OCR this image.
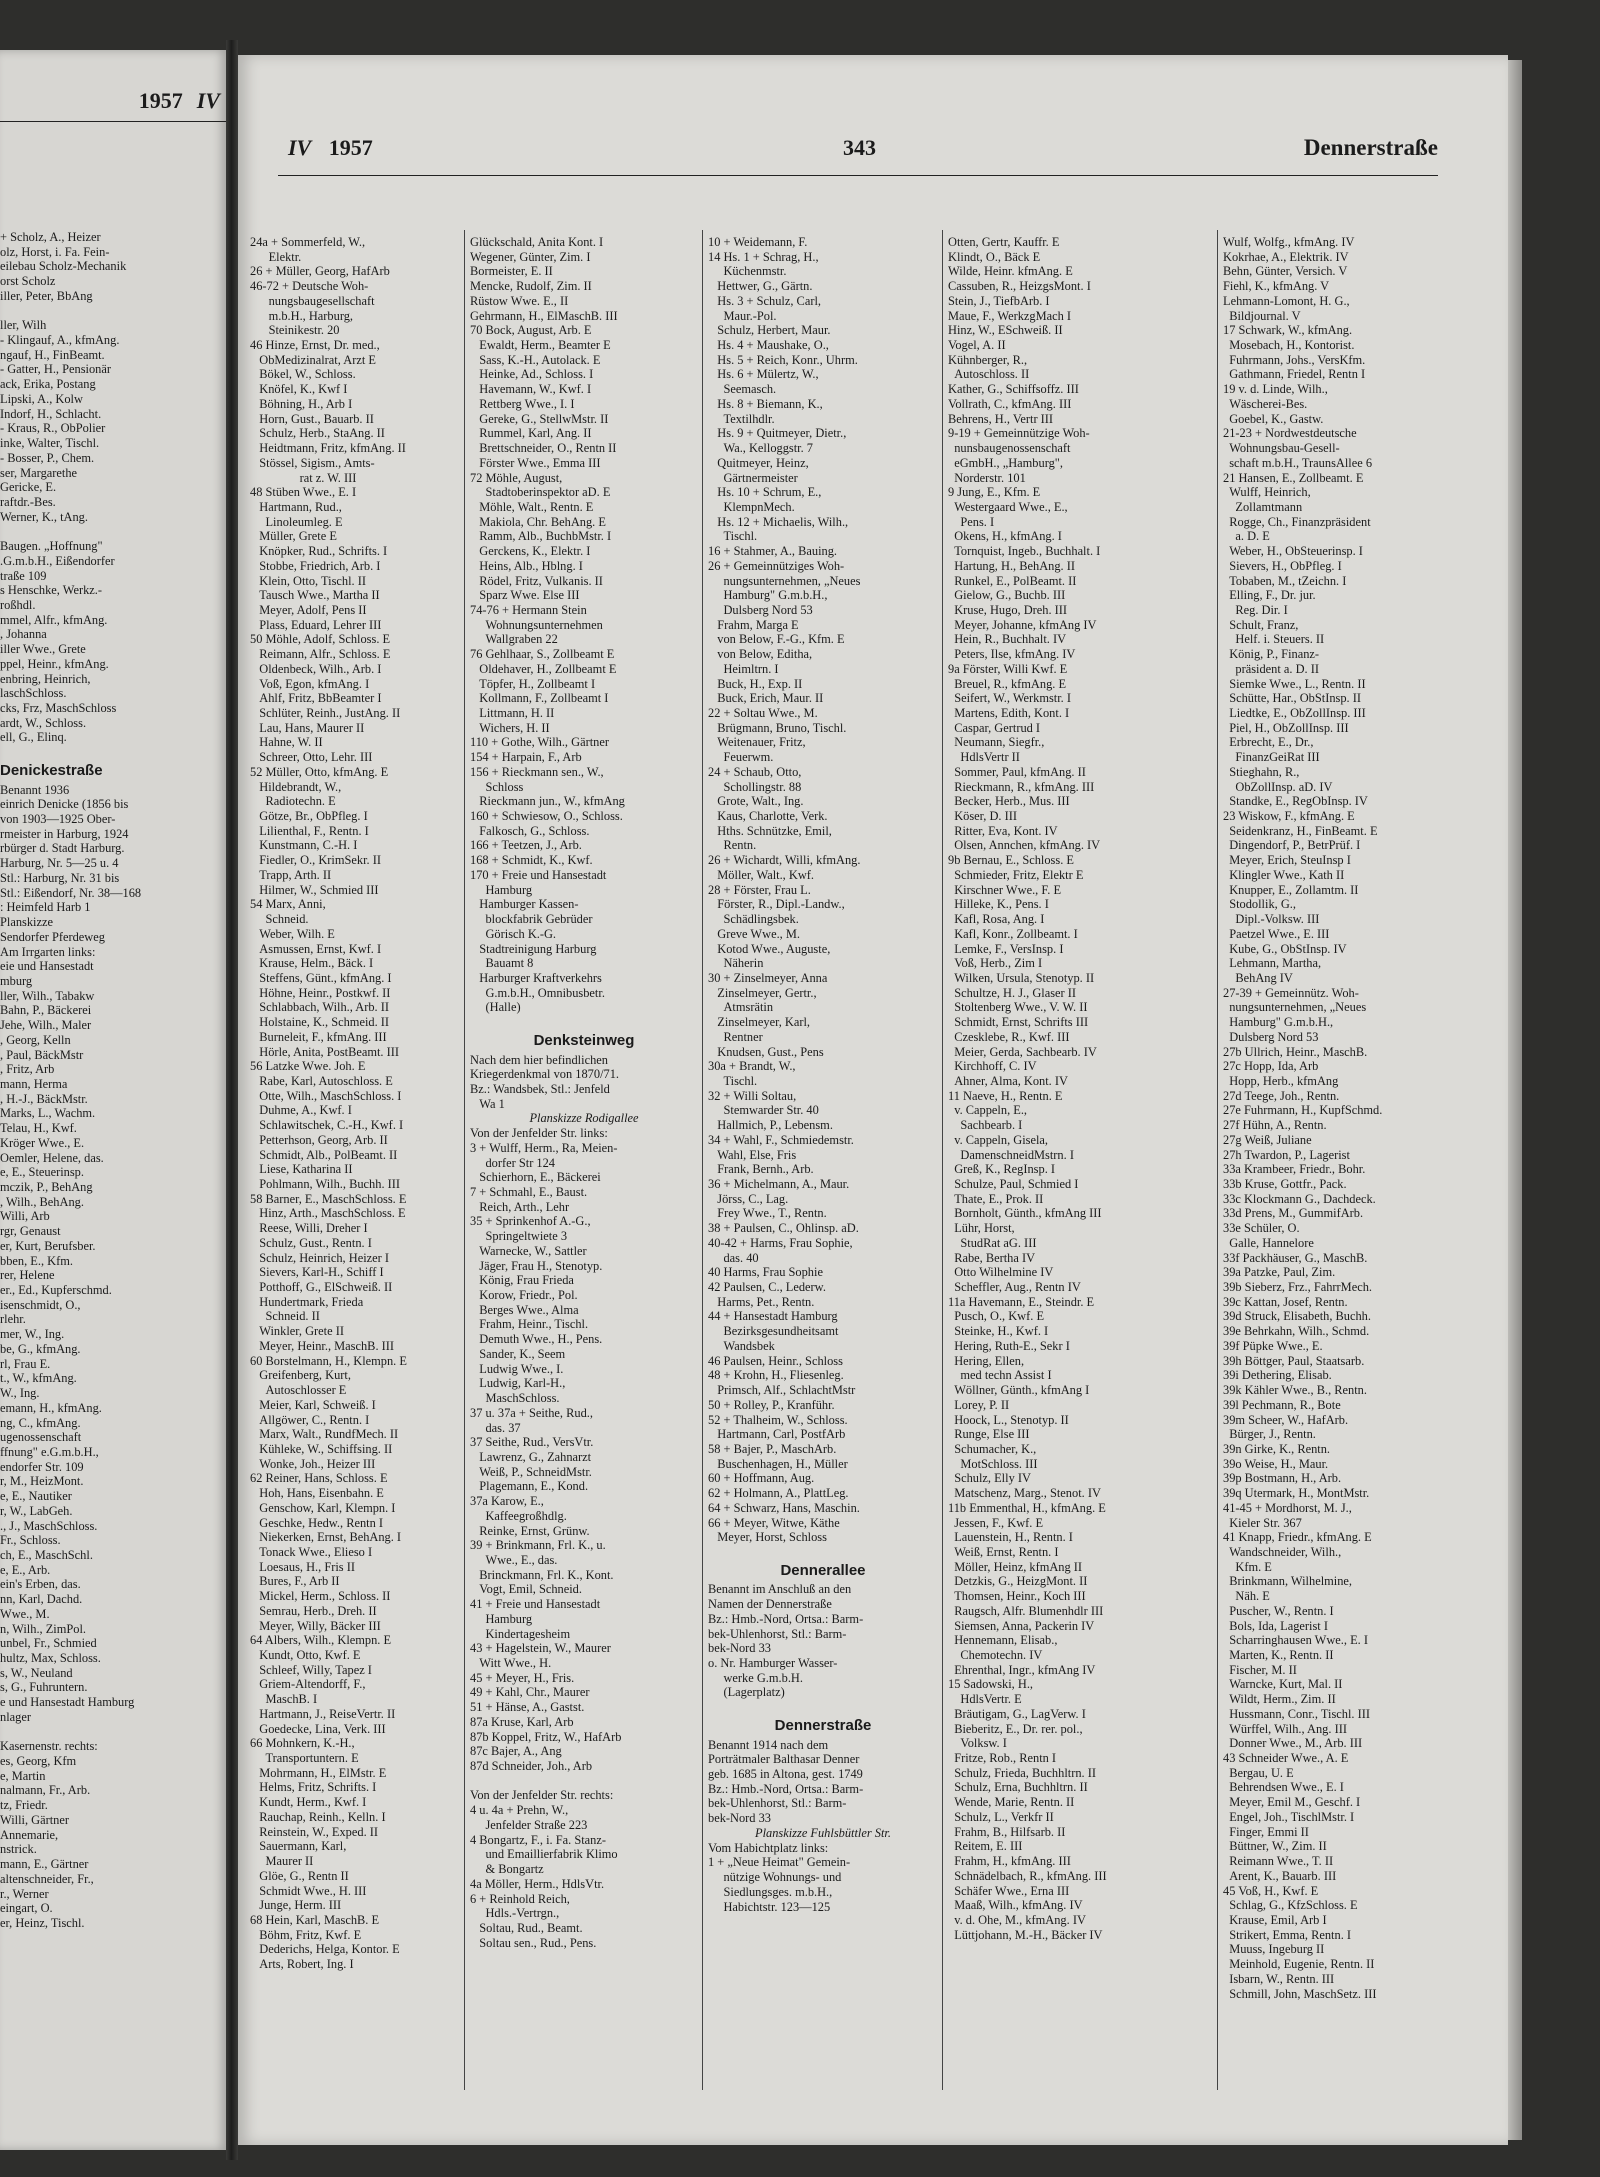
+ Scholz, A., Heizer
olz, Horst, i. Fa. Fein-
eilebau Scholz-Mechanik
orst Scholz
iller, Peter, BbAng

ller, Wilh
- Klingauf, A., kfmAng.
ngauf, H., FinBeamt.
- Gatter, H., Pensionär
ack, Erika, Postang
Lipski, A., Kolw
Indorf, H., Schlacht.
- Kraus, R., ObPolier
inke, Walter, Tischl.
- Bosser, P., Chem.
ser, Margarethe
Gericke, E.
raftdr.-Bes.
Werner, K., tAng.

Baugen. „Hoffnung"
.G.m.b.H., Eißendorfer
traße 109
s Henschke, Werkz.-
roßhdl.
mmel, Alfr., kfmAng.
, Johanna
iller Wwe., Grete
ppel, Heinr., kfmAng.
enbring, Heinrich,
laschSchloss.
cks, Frz, MaschSchloss
ardt, W., Schloss.
ell, G., Elinq.

Denickestraße
Benannt 1936
einrich Denicke (1856 bis
von 1903—1925 Ober-
rmeister in Harburg, 1924
rbürger d. Stadt Harburg.
Harburg, Nr. 5—25 u. 4
Stl.: Harburg, Nr. 31 bis
Stl.: Eißendorf, Nr. 38—168
: Heimfeld Harb 1
Planskizze
Sendorfer Pferdeweg
Am Irrgarten links:
eie und Hansestadt
mburg
ller, Wilh., Tabakw
Bahn, P., Bäckerei
Jehe, Wilh., Maler
, Georg, Kelln
, Paul, BäckMstr
, Fritz, Arb
mann, Herma
, H.-J., BäckMstr.
Marks, L., Wachm.
Telau, H., Kwf.
Kröger Wwe., E.
Oemler, Helene, das.
e, E., Steuerinsp.
mczik, P., BehAng
, Wilh., BehAng.
Willi, Arb
rgr, Genaust
er, Kurt, Berufsber.
bben, E., Kfm.
rer, Helene
er., Ed., Kupferschmd.
isenschmidt, O.,
rlehr.
mer, W., Ing.
be, G., kfmAng.
rl, Frau E.
t., W., kfmAng.
W., Ing.
emann, H., kfmAng.
ng, C., kfmAng.
ugenossenschaft
ffnung" e.G.m.b.H.,
endorfer Str. 109
r, M., HeizMont.
e, E., Nautiker
r, W., LabGeh.
., J., MaschSchloss.
Fr., Schloss.
ch, E., MaschSchl.
e, E., Arb.
ein's Erben, das.
nn, Karl, Dachd.
Wwe., M.
n, Wilh., ZimPol.
unbel, Fr., Schmied
hultz, Max, Schloss.
s, W., Neuland
s, G., Fuhruntern.
e und Hansestadt Hamburg
nlager

Kasernenstr. rechts:
es, Georg, Kfm
e, Martin
nalmann, Fr., Arb.
tz, Friedr.
Willi, Gärtner
Annemarie,
nstrick.
mann, E., Gärtner
altenschneider, Fr.,
r., Werner
eingart, O.
er, Heinz, Tischl.
1957 IV
IV 1957	343	Dennerstraße
24a + Sommerfeld, W.,
Elektr.
26 + Müller, Georg, HafArb
46-72 + Deutsche Woh-
nungsbaugesellschaft
m.b.H., Harburg,
Steinikestr. 20
46 Hinze, Ernst, Dr. med.,
ObMedizinalrat, Arzt E
Bökel, W., Schloss.
Knöfel, K., Kwf I
Böhning, H., Arb I
Horn, Gust., Bauarb. II
Schulz, Herb., StaAng. II
Heidtmann, Fritz, kfmAng. II
Stössel, Sigism., Amts-
rat z. W. III
48 Stüben Wwe., E. I
Hartmann, Rud.,
Linoleumleg. E
Müller, Grete E
Knöpker, Rud., Schrifts. I
Stobbe, Friedrich, Arb. I
Klein, Otto, Tischl. II
Tausch Wwe., Martha II
Meyer, Adolf, Pens II
Plass, Eduard, Lehrer III
50 Möhle, Adolf, Schloss. E
Reimann, Alfr., Schloss. E
Oldenbeck, Wilh., Arb. I
Voß, Egon, kfmAng. I
Ahlf, Fritz, BbBeamter I
Schlüter, Reinh., JustAng. II
Lau, Hans, Maurer II
Hahne, W. II
Schreer, Otto, Lehr. III
52 Müller, Otto, kfmAng. E
Hildebrandt, W.,
Radiotechn. E
Götze, Br., ObPfleg. I
Lilienthal, F., Rentn. I
Kunstmann, C.-H. I
Fiedler, O., KrimSekr. II
Trapp, Arth. II
Hilmer, W., Schmied III
54 Marx, Anni,
Schneid.
Weber, Wilh. E
Asmussen, Ernst, Kwf. I
Krause, Helm., Bäck. I
Steffens, Günt., kfmAng. I
Höhne, Heinr., Postkwf. II
Schlabbach, Wilh., Arb. II
Holstaine, K., Schmeid. II
Burneleit, F., kfmAng. III
Hörle, Anita, PostBeamt. III
56 Latzke Wwe. Joh. E
Rabe, Karl, Autoschloss. E
Otte, Wilh., MaschSchloss. I
Duhme, A., Kwf. I
Schlawitschek, C.-H., Kwf. I
Petterhson, Georg, Arb. II
Schmidt, Alb., PolBeamt. II
Liese, Katharina II
Pohlmann, Wilh., Buchh. III
58 Barner, E., MaschSchloss. E
Hinz, Arth., MaschSchloss. E
Reese, Willi, Dreher I
Schulz, Gust., Rentn. I
Schulz, Heinrich, Heizer I
Sievers, Karl-H., Schiff I
Potthoff, G., ElSchweiß. II
Hundertmark, Frieda
Schneid. II
Winkler, Grete II
Meyer, Heinr., MaschB. III
60 Borstelmann, H., Klempn. E
Greifenberg, Kurt,
Autoschlosser E
Meier, Karl, Schweiß. I
Allgöwer, C., Rentn. I
Marx, Walt., RundfMech. II
Kühleke, W., Schiffsing. II
Wonke, Joh., Heizer III
62 Reiner, Hans, Schloss. E
Hoh, Hans, Eisenbahn. E
Genschow, Karl, Klempn. I
Geschke, Hedw., Rentn I
Niekerken, Ernst, BehAng. I
Tonack Wwe., Elieso I
Loesaus, H., Fris II
Bures, F., Arb II
Mickel, Herm., Schloss. II
Semrau, Herb., Dreh. II
Meyer, Willy, Bäcker III
64 Albers, Wilh., Klempn. E
Kundt, Otto, Kwf. E
Schleef, Willy, Tapez I
Griem-Altendorff, F.,
MaschB. I
Hartmann, J., ReiseVertr. II
Goedecke, Lina, Verk. III
66 Mohnkern, K.-H.,
Transportuntern. E
Mohrmann, H., ElMstr. E
Helms, Fritz, Schrifts. I
Kundt, Herm., Kwf. I
Rauchap, Reinh., Kelln. I
Reinstein, W., Exped. II
Sauermann, Karl,
Maurer II
Glöe, G., Rentn II
Schmidt Wwe., H. III
Junge, Herm. III
68 Hein, Karl, MaschB. E
Böhm, Fritz, Kwf. E
Dederichs, Helga, Kontor. E
Arts, Robert, Ing. I
Glückschald, Anita Kont. I
Wegener, Günter, Zim. I
Bormeister, E. II
Mencke, Rudolf, Zim. II
Rüstow Wwe. E., II
Gehrmann, H., ElMaschB. III
70 Bock, August, Arb. E
Ewaldt, Herm., Beamter E
Sass, K.-H., Autolack. E
Heinke, Ad., Schloss. I
Havemann, W., Kwf. I
Rettberg Wwe., I. I
Gereke, G., StellwMstr. II
Rummel, Karl, Ang. II
Brettschneider, O., Rentn II
Förster Wwe., Emma III
72 Möhle, August,
Stadtoberinspektor aD. E
Möhle, Walt., Rentn. E
Makiola, Chr. BehAng. E
Ramm, Alb., BuchbMstr. I
Gerckens, K., Elektr. I
Heins, Alb., Hblng. I
Rödel, Fritz, Vulkanis. II
Sparz Wwe. Else III
74-76 + Hermann Stein
Wohnungsunternehmen
Wallgraben 22
76 Gehlhaar, S., Zollbeamt E
Oldehaver, H., Zollbeamt E
Töpfer, H., Zollbeamt I
Kollmann, F., Zollbeamt I
Littmann, H. II
Wichers, H. II
110 + Gothe, Wilh., Gärtner
154 + Harpain, F., Arb
156 + Rieckmann sen., W.,
Schloss
Rieckmann jun., W., kfmAng
160 + Schwiesow, O., Schloss.
Falkosch, G., Schloss.
166 + Teetzen, J., Arb.
168 + Schmidt, K., Kwf.
170 + Freie und Hansestadt
Hamburg
Hamburger Kassen-
blockfabrik Gebrüder
Görisch K.-G.
Stadtreinigung Harburg
Bauamt 8
Harburger Kraftverkehrs
G.m.b.H., Omnibusbetr.
(Halle)

Denksteinweg
Nach dem hier befindlichen
Kriegerdenkmal von 1870/71.
Bz.: Wandsbek, Stl.: Jenfeld
Wa 1
Planskizze Rodigallee
Von der Jenfelder Str. links:
3 + Wulff, Herm., Ra, Meien-
dorfer Str 124
Schierhorn, E., Bäckerei
7 + Schmahl, E., Baust.
Reich, Arth., Lehr
35 + Sprinkenhof A.-G.,
Springeltwiete 3
Warnecke, W., Sattler
Jäger, Frau H., Stenotyp.
König, Frau Frieda
Korow, Friedr., Pol.
Berges Wwe., Alma
Frahm, Heinr., Tischl.
Demuth Wwe., H., Pens.
Sander, K., Seem
Ludwig Wwe., I.
Ludwig, Karl-H.,
MaschSchloss.
37 u. 37a + Seithe, Rud.,
das. 37
37 Seithe, Rud., VersVtr.
Lawrenz, G., Zahnarzt
Weiß, P., SchneidMstr.
Plagemann, E., Kond.
37a Karow, E.,
Kaffeegroßhdlg.
Reinke, Ernst, Grünw.
39 + Brinkmann, Frl. K., u.
Wwe., E., das.
Brinckmann, Frl. K., Kont.
Vogt, Emil, Schneid.
41 + Freie und Hansestadt
Hamburg
Kindertagesheim
43 + Hagelstein, W., Maurer
Witt Wwe., H.
45 + Meyer, H., Fris.
49 + Kahl, Chr., Maurer
51 + Hänse, A., Gastst.
87a Kruse, Karl, Arb
87b Koppel, Fritz, W., HafArb
87c Bajer, A., Ang
87d Schneider, Joh., Arb

Von der Jenfelder Str. rechts:
4 u. 4a + Prehn, W.,
Jenfelder Straße 223
4 Bongartz, F., i. Fa. Stanz-
und Emaillierfabrik Klimo
& Bongartz
4a Möller, Herm., HdlsVtr.
6 + Reinhold Reich,
Hdls.-Vertrgn.,
Soltau, Rud., Beamt.
Soltau sen., Rud., Pens.
10 + Weidemann, F.
14 Hs. 1 + Schrag, H.,
Küchenmstr.
Hettwer, G., Gärtn.
Hs. 3 + Schulz, Carl,
Maur.-Pol.
Schulz, Herbert, Maur.
Hs. 4 + Maushake, O.,
Hs. 5 + Reich, Konr., Uhrm.
Hs. 6 + Mülertz, W.,
Seemasch.
Hs. 8 + Biemann, K.,
Textilhdlr.
Hs. 9 + Quitmeyer, Dietr.,
Wa., Kelloggstr. 7
Quitmeyer, Heinz,
Gärtnermeister
Hs. 10 + Schrum, E.,
KlempnMech.
Hs. 12 + Michaelis, Wilh.,
Tischl.
16 + Stahmer, A., Bauing.
26 + Gemeinnütziges Woh-
nungsunternehmen, „Neues
Hamburg" G.m.b.H.,
Dulsberg Nord 53
Frahm, Marga E
von Below, F.-G., Kfm. E
von Below, Editha,
Heimltrn. I
Buck, H., Exp. II
Buck, Erich, Maur. II
22 + Soltau Wwe., M.
Brügmann, Bruno, Tischl.
Weitenauer, Fritz,
Feuerwm.
24 + Schaub, Otto,
Schollingstr. 88
Grote, Walt., Ing.
Kaus, Charlotte, Verk.
Hths. Schnützke, Emil,
Rentn.
26 + Wichardt, Willi, kfmAng.
Möller, Walt., Kwf.
28 + Förster, Frau L.
Förster, R., Dipl.-Landw.,
Schädlingsbek.
Greve Wwe., M.
Kotod Wwe., Auguste,
Näherin
30 + Zinselmeyer, Anna
Zinselmeyer, Gertr.,
Atmsrätin
Zinselmeyer, Karl,
Rentner
Knudsen, Gust., Pens
30a + Brandt, W.,
Tischl.
32 + Willi Soltau,
Stemwarder Str. 40
Hallmich, P., Lebensm.
34 + Wahl, F., Schmiedemstr.
Wahl, Else, Fris
Frank, Bernh., Arb.
36 + Michelmann, A., Maur.
Jörss, C., Lag.
Frey Wwe., T., Rentn.
38 + Paulsen, C., Ohlinsp. aD.
40-42 + Harms, Frau Sophie,
das. 40
40 Harms, Frau Sophie
42 Paulsen, C., Lederw.
Harms, Pet., Rentn.
44 + Hansestadt Hamburg
Bezirksgesundheitsamt
Wandsbek
46 Paulsen, Heinr., Schloss
48 + Krohn, H., Fliesenleg.
Primsch, Alf., SchlachtMstr
50 + Rolley, P., Kranführ.
52 + Thalheim, W., Schloss.
Hartmann, Carl, PostfArb
58 + Bajer, P., MaschArb.
Buschenhagen, H., Müller
60 + Hoffmann, Aug.
62 + Holmann, A., PlattLeg.
64 + Schwarz, Hans, Maschin.
66 + Meyer, Witwe, Käthe
Meyer, Horst, Schloss

Dennerallee
Benannt im Anschluß an den
Namen der Dennerstraße
Bz.: Hmb.-Nord, Ortsa.: Barm-
bek-Uhlenhorst, Stl.: Barm-
bek-Nord 33
o. Nr. Hamburger Wasser-
werke G.m.b.H.
(Lagerplatz)

Dennerstraße
Benannt 1914 nach dem
Porträtmaler Balthasar Denner
geb. 1685 in Altona, gest. 1749
Bz.: Hmb.-Nord, Ortsa.: Barm-
bek-Uhlenhorst, Stl.: Barm-
bek-Nord 33
Planskizze Fuhlsbüttler Str.
Vom Habichtplatz links:
1 + „Neue Heimat" Gemein-
nützige Wohnungs- und
Siedlungsges. m.b.H.,
Habichtstr. 123—125
Otten, Gertr, Kauffr. E
Klindt, O., Bäck E
Wilde, Heinr. kfmAng. E
Cassuben, R., HeizgsMont. I
Stein, J., TiefbArb. I
Maue, F., WerkzgMach I
Hinz, W., ESchweiß. II
Vogel, A. II
Kühnberger, R.,
Autoschloss. II
Kather, G., Schiffsoffz. III
Vollrath, C., kfmAng. III
Behrens, H., Vertr III
9-19 + Gemeinnützige Woh-
nunsbaugenossenschaft
eGmbH., „Hamburg",
Norderstr. 101
9 Jung, E., Kfm. E
Westergaard Wwe., E.,
Pens. I
Okens, H., kfmAng. I
Tornquist, Ingeb., Buchhalt. I
Hartung, H., BehAng. II
Runkel, E., PolBeamt. II
Gielow, G., Buchb. III
Kruse, Hugo, Dreh. III
Meyer, Johanne, kfmAng IV
Hein, R., Buchhalt. IV
Peters, Ilse, kfmAng. IV
9a Förster, Willi Kwf. E
Breuel, R., kfmAng. E
Seifert, W., Werkmstr. I
Martens, Edith, Kont. I
Caspar, Gertrud I
Neumann, Siegfr.,
HdlsVertr II
Sommer, Paul, kfmAng. II
Rieckmann, R., kfmAng. III
Becker, Herb., Mus. III
Köser, D. III
Ritter, Eva, Kont. IV
Olsen, Annchen, kfmAng. IV
9b Bernau, E., Schloss. E
Schmieder, Fritz, Elektr E
Kirschner Wwe., F. E
Hilleke, K., Pens. I
Kafl, Rosa, Ang. I
Kafl, Konr., Zollbeamt. I
Lemke, F., VersInsp. I
Voß, Herb., Zim I
Wilken, Ursula, Stenotyp. II
Schultze, H. J., Glaser II
Stoltenberg Wwe., V. W. II
Schmidt, Ernst, Schrifts III
Czesklebe, R., Kwf. III
Meier, Gerda, Sachbearb. IV
Kirchhoff, C. IV
Ahner, Alma, Kont. IV
11 Naeve, H., Rentn. E
v. Cappeln, E.,
Sachbearb. I
v. Cappeln, Gisela,
DamenschneidMstrn. I
Greß, K., RegInsp. I
Schulze, Paul, Schmied I
Thate, E., Prok. II
Bornholt, Günth., kfmAng III
Lühr, Horst,
StudRat aG. III
Rabe, Bertha IV
Otto Wilhelmine IV
Scheffler, Aug., Rentn IV
11a Havemann, E., Steindr. E
Pusch, O., Kwf. E
Steinke, H., Kwf. I
Hering, Ruth-E., Sekr I
Hering, Ellen,
med techn Assist I
Wöllner, Günth., kfmAng I
Lorey, P. II
Hoock, L., Stenotyp. II
Runge, Else III
Schumacher, K.,
MotSchloss. III
Schulz, Elly IV
Matschenz, Marg., Stenot. IV
11b Emmenthal, H., kfmAng. E
Jessen, F., Kwf. E
Lauenstein, H., Rentn. I
Weiß, Ernst, Rentn. I
Möller, Heinz, kfmAng II
Detzkis, G., HeizgMont. II
Thomsen, Heinr., Koch III
Raugsch, Alfr. Blumenhdlr III
Siemsen, Anna, Packerin IV
Hennemann, Elisab.,
Chemotechn. IV
Ehrenthal, Ingr., kfmAng IV
15 Sadowski, H.,
HdlsVertr. E
Bräutigam, G., LagVerw. I
Bieberitz, E., Dr. rer. pol.,
Volksw. I
Fritze, Rob., Rentn I
Schulz, Frieda, Buchhltrn. II
Schulz, Erna, Buchhltrn. II
Wende, Marie, Rentn. II
Schulz, L., Verkfr II
Frahm, B., Hilfsarb. II
Reitem, E. III
Frahm, H., kfmAng. III
Schnädelbach, R., kfmAng. III
Schäfer Wwe., Erna III
Maaß, Wilh., kfmAng. IV
v. d. Ohe, M., kfmAng. IV
Lüttjohann, M.-H., Bäcker IV
Wulf, Wolfg., kfmAng. IV
Kokrhae, A., Elektrik. IV
Behn, Günter, Versich. V
Fiehl, K., kfmAng. V
Lehmann-Lomont, H. G.,
Bildjournal. V
17 Schwark, W., kfmAng.
Mosebach, H., Kontorist.
Fuhrmann, Johs., VersKfm.
Gathmann, Friedel, Rentn I
19 v. d. Linde, Wilh.,
Wäscherei-Bes.
Goebel, K., Gastw.
21-23 + Nordwestdeutsche
Wohnungsbau-Gesell-
schaft m.b.H., TraunsAllee 6
21 Hansen, E., Zollbeamt. E
Wulff, Heinrich,
Zollamtmann
Rogge, Ch., Finanzpräsident
a. D. E
Weber, H., ObSteuerinsp. I
Sievers, H., ObPfleg. I
Tobaben, M., tZeichn. I
Elling, F., Dr. jur.
Reg. Dir. I
Schult, Franz,
Helf. i. Steuers. II
König, P., Finanz-
präsident a. D. II
Siemke Wwe., L., Rentn. II
Schütte, Har., ObStInsp. II
Liedtke, E., ObZollInsp. III
Piel, H., ObZollInsp. III
Erbrecht, E., Dr.,
FinanzGeiRat III
Stieghahn, R.,
ObZollInsp. aD. IV
Standke, E., RegObInsp. IV
23 Wiskow, F., kfmAng. E
Seidenkranz, H., FinBeamt. E
Dingendorf, P., BetrPrüf. I
Meyer, Erich, SteuInsp I
Klingler Wwe., Kath II
Knupper, E., Zollamtm. II
Stodollik, G.,
Dipl.-Volksw. III
Paetzel Wwe., E. III
Kube, G., ObStInsp. IV
Lehmann, Martha,
BehAng IV
27-39 + Gemeinnütz. Woh-
nungsunternehmen, „Neues
Hamburg" G.m.b.H.,
Dulsberg Nord 53
27b Ullrich, Heinr., MaschB.
27c Hopp, Ida, Arb
Hopp, Herb., kfmAng
27d Teege, Joh., Rentn.
27e Fuhrmann, H., KupfSchmd.
27f Hühn, A., Rentn.
27g Weiß, Juliane
27h Twardon, P., Lagerist
33a Krambeer, Friedr., Bohr.
33b Kruse, Gottfr., Pack.
33c Klockmann G., Dachdeck.
33d Prens, M., GummifArb.
33e Schüler, O.
Galle, Hannelore
33f Packhäuser, G., MaschB.
39a Patzke, Paul, Zim.
39b Sieberz, Frz., FahrrMech.
39c Kattan, Josef, Rentn.
39d Struck, Elisabeth, Buchh.
39e Behrkahn, Wilh., Schmd.
39f Püpke Wwe., E.
39h Böttger, Paul, Staatsarb.
39i Dethering, Elisab.
39k Kähler Wwe., B., Rentn.
39l Pechmann, R., Bote
39m Scheer, W., HafArb.
Bürger, J., Rentn.
39n Girke, K., Rentn.
39o Weise, H., Maur.
39p Bostmann, H., Arb.
39q Utermark, H., MontMstr.
41-45 + Mordhorst, M. J.,
Kieler Str. 367
41 Knapp, Friedr., kfmAng. E
Wandschneider, Wilh.,
Kfm. E
Brinkmann, Wilhelmine,
Näh. E
Puscher, W., Rentn. I
Bols, Ida, Lagerist I
Scharringhausen Wwe., E. I
Marten, K., Rentn. II
Fischer, M. II
Warncke, Kurt, Mal. II
Wildt, Herm., Zim. II
Hussmann, Conr., Tischl. III
Würffel, Wilh., Ang. III
Donner Wwe., M., Arb. III
43 Schneider Wwe., A. E
Bergau, U. E
Behrendsen Wwe., E. I
Meyer, Emil M., Geschf. I
Engel, Joh., TischlMstr. I
Finger, Emmi II
Büttner, W., Zim. II
Reimann Wwe., T. II
Arent, K., Bauarb. III
45 Voß, H., Kwf. E
Schlag, G., KfzSchloss. E
Krause, Emil, Arb I
Strikert, Emma, Rentn. I
Muuss, Ingeburg II
Meinhold, Eugenie, Rentn. II
Isbarn, W., Rentn. III
Schmill, John, MaschSetz. III
